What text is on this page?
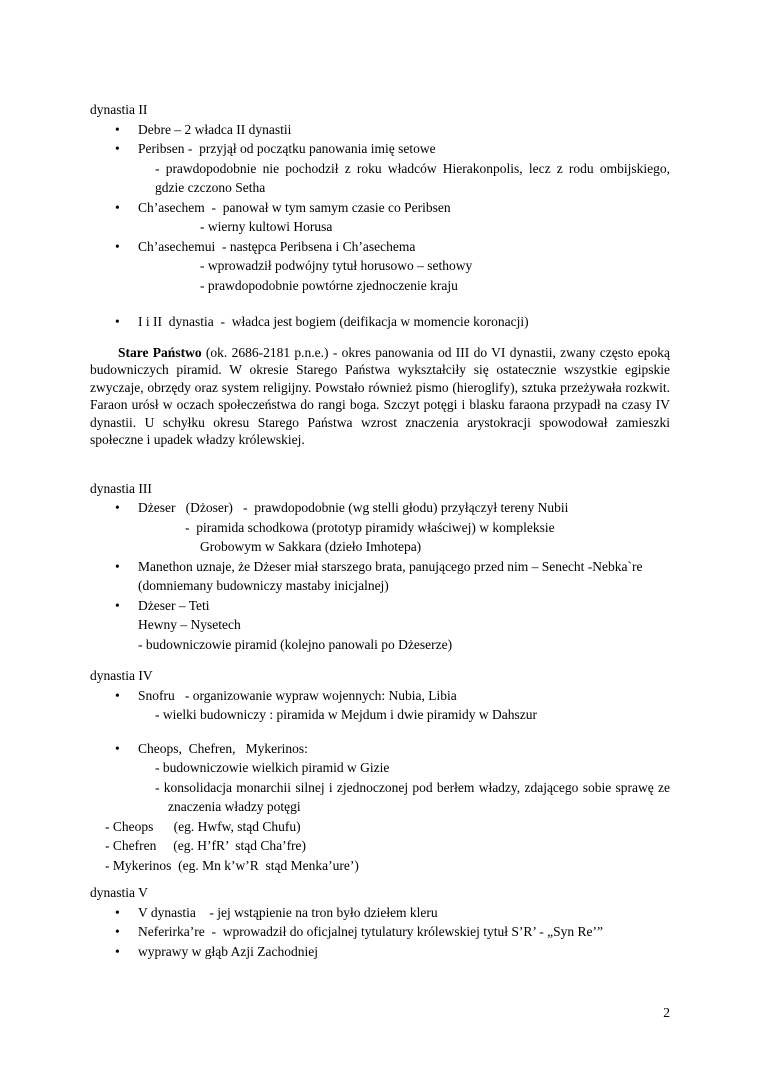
dynastia II
• Debre – 2 władca II dynastii
• Peribsen -  przyjął od początku panowania imię setowe
- prawdopodobnie nie pochodził z roku władców Hierakonpolis, lecz z rodu ombijskiego, gdzie czczono Setha
• Ch’asechem  -  panował w tym samym czasie co Peribsen
- wierny kultowi Horusa
• Ch’asechemui  - następca Peribsena i Ch’asechema
- wprowadził podwójny tytuł horusowo – sethowy
- prawdopodobnie powtórne zjednoczenie kraju
• I i II  dynastia  -  władca jest bogiem (deifikacja w momencie koronacji)

Stare Państwo (ok. 2686-2181 p.n.e.) - okres panowania od III do VI dynastii, zwany często epoką budowniczych piramid. W okresie Starego Państwa wykształciły się ostatecznie wszystkie egipskie zwyczaje, obrzędy oraz system religijny. Powstało również pismo (hieroglify), sztuka przeżywała rozkwit. Faraon urósł w oczach społeczeństwa do rangi boga. Szczyt potęgi i blasku faraona przypadł na czasy IV dynastii. U schyłku okresu Starego Państwa wzrost znaczenia arystokracji spowodował zamieszki społeczne i upadek władzy królewskiej.

dynastia III
• Dżeser   (Dżoser)   -  prawdopodobnie (wg stelli głodu) przyłączył tereny Nubii
-  piramida schodkowa (prototyp piramidy właściwej) w kompleksie
Grobowym w Sakkara (dzieło Imhotepa)
• Manethon uznaje, że Dżeser miał starszego brata, panującego przed nim – Senecht -Nebka`re (domniemany budowniczy mastaby inicjalnej)
• Dżeser – Teti
Hewny – Nysetech
- budowniczowie piramid (kolejno panowali po Dżeserze)
dynastia IV
• Snofru   - organizowanie wypraw wojennych: Nubia, Libia
- wielki budowniczy : piramida w Mejdum i dwie piramidy w Dahszur
• Cheops,  Chefren,   Mykerinos:
- budowniczowie wielkich piramid w Gizie
- konsolidacja monarchii silnej i zjednoczonej pod berłem władzy, zdającego sobie sprawę ze znaczenia władzy potęgi
- Cheops      (eg. Hwfw, stąd Chufu)
- Chefren     (eg. H’fR’  stąd Cha’fre)
- Mykerinos  (eg. Mn k’w’R  stąd Menka’ure’)
dynastia V
• V dynastia    - jej wstąpienie na tron było dziełem kleru
• Neferirka’re  -  wprowadził do oficjalnej tytulatury królewskiej tytuł S’R’ - „Syn Re’”
• wyprawy w głąb Azji Zachodniej
2
